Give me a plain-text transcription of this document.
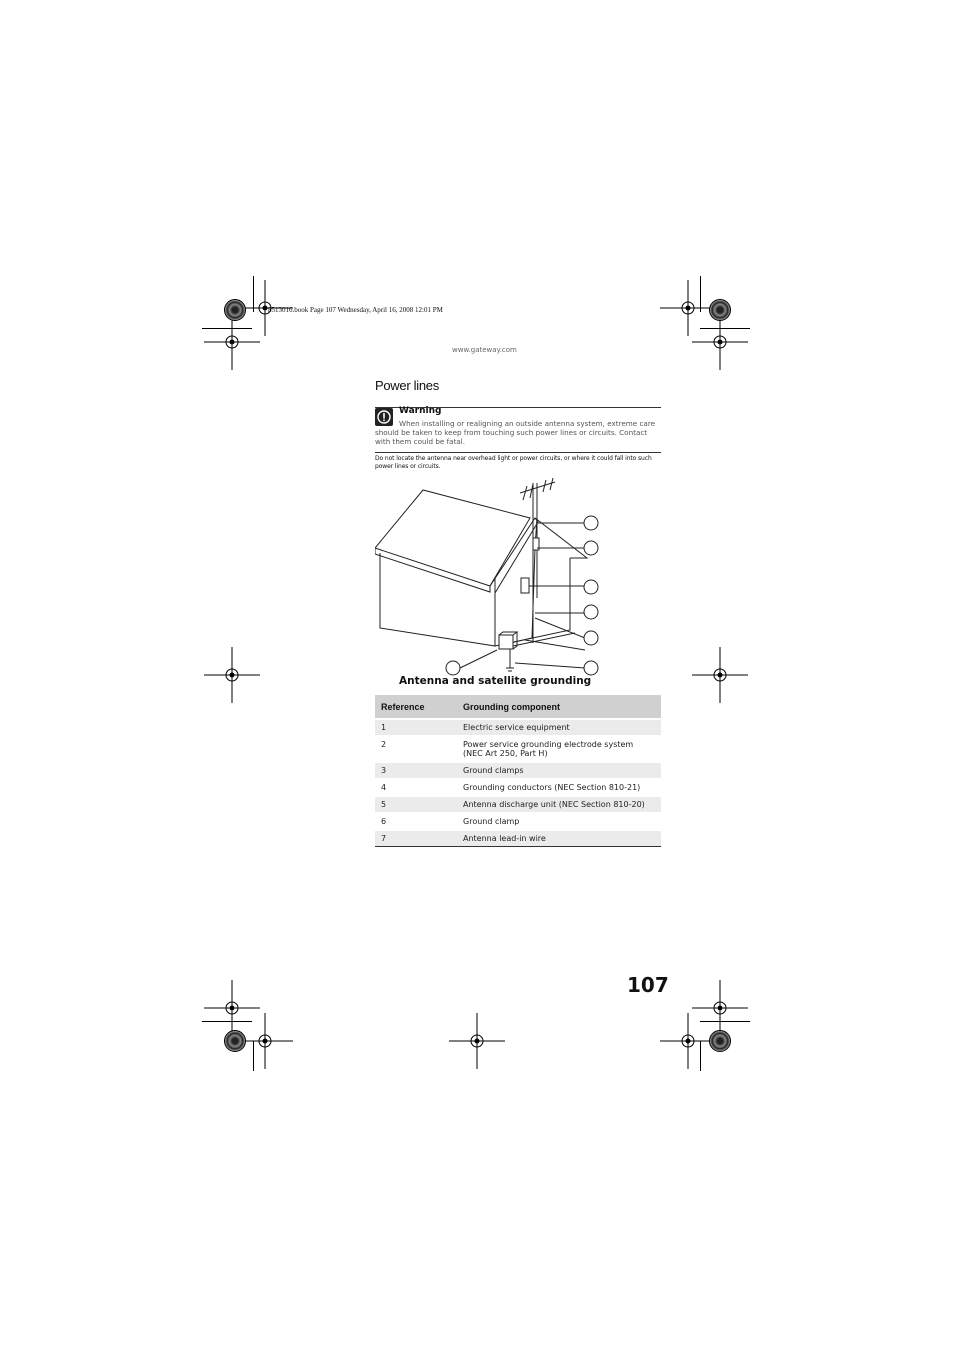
8513016.book Page 107 Wednesday, April 16, 2008 12:01 PM
www.gateway.com
Power lines
Warning
When installing or realigning an outside antenna system, extreme care should be taken to keep from touching such power lines or circuits. Contact with them could be fatal.
Do not locate the antenna near overhead light or power circuits, or where it could fall into such power lines or circuits.
Antenna and satellite grounding
Reference	Grounding component
1	Electric service equipment
2	Power service grounding electrode system (NEC Art 250, Part H)
3	Ground clamps
4	Grounding conductors (NEC Section 810-21)
5	Antenna discharge unit (NEC Section 810-20)
6	Ground clamp
7	Antenna lead-in wire
107
